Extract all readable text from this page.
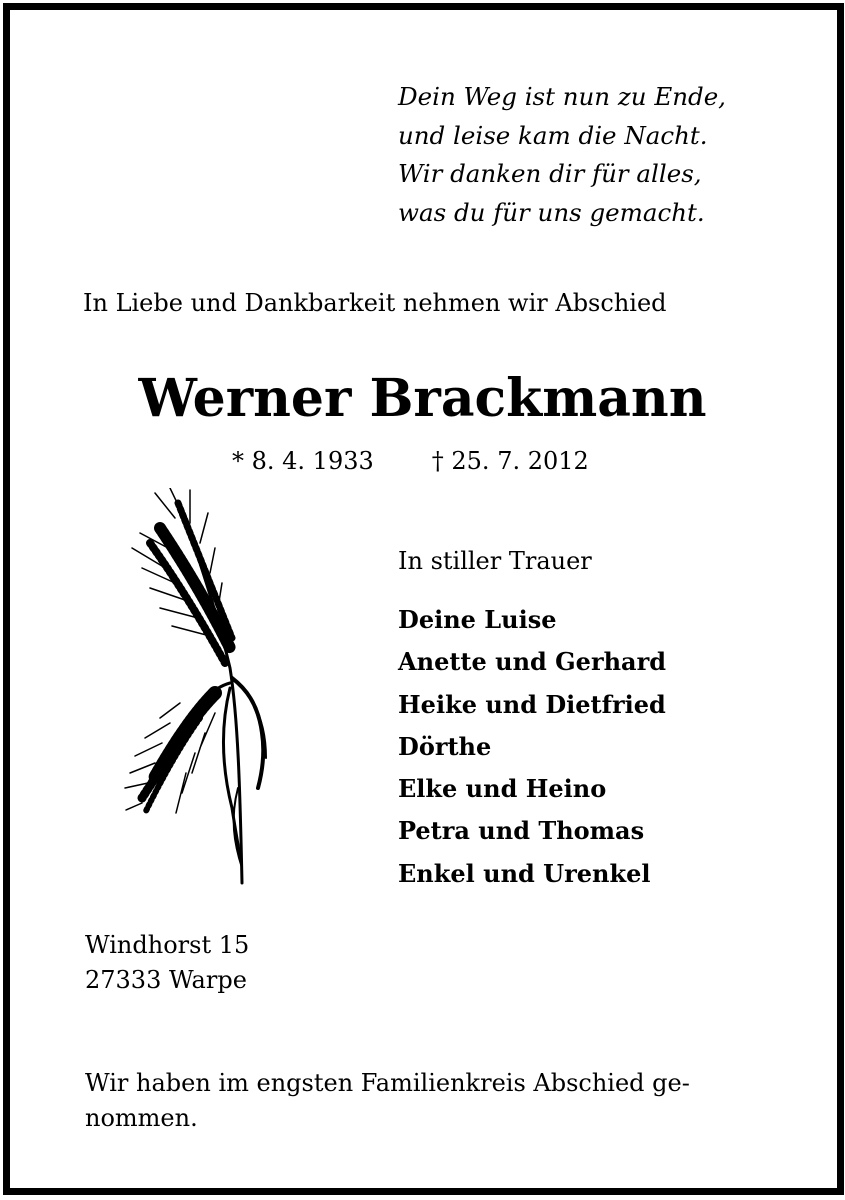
Dein Weg ist nun zu Ende,
und leise kam die Nacht.
Wir danken dir für alles,
was du für uns gemacht.
In Liebe und Dankbarkeit nehmen wir Abschied
Werner Brackmann
* 8. 4. 1933 † 25. 7. 2012
In stiller Trauer
Deine Luise
Anette und Gerhard
Heike und Dietfried
Dörthe
Elke und Heino
Petra und Thomas
Enkel und Urenkel
Windhorst 15
27333 Warpe
Wir haben im engsten Familienkreis Abschied ge-
nommen.
